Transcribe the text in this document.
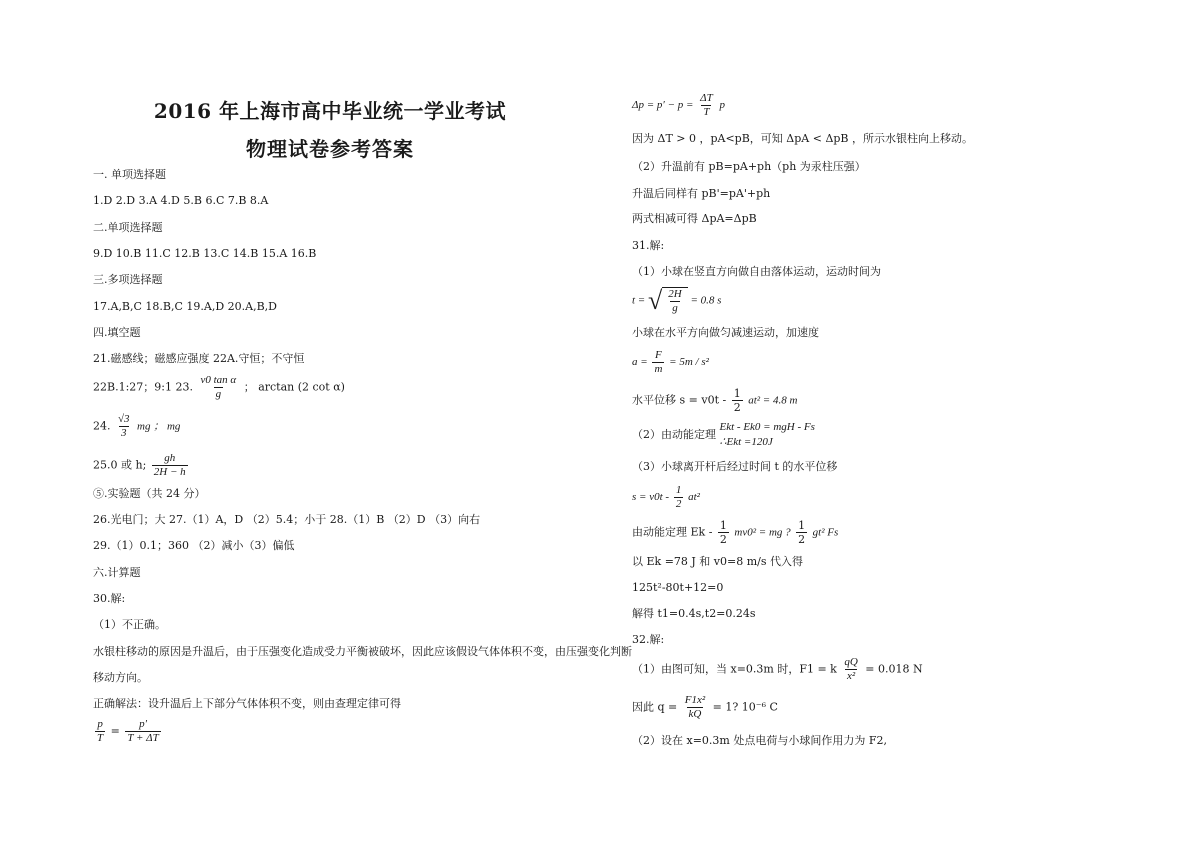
2016 年上海市高中毕业统一学业考试
物理试卷参考答案
一. 单项选择题
1.D 2.D 3.A 4.D 5.B 6.C 7.B 8.A
二.单项选择题
9.D 10.B 11.C 12.B 13.C 14.B 15.A 16.B
三.多项选择题
17.A,B,C 18.B,C 19.A,D 20.A,B,D
四.填空题
21.磁感线；磁感应强度 22A.守恒；不守恒
22B.1:27；9:1 23. $\frac{\text{v0 tan α}}{g}$ ； arctan (2 cot α)
24. $\frac{√3}{3}$ mg ； mg
25.0 或 h; $\frac{gh}{2H - h}$
⑤.实验题（共 24 分）
26.光电门；大 27.（1）A，D （2）5.4；小于 28.（1）B （2）D （3）向右
29.（1）0.1；360 （2）减小（3）偏低
六.计算题
30.解:
（1）不正确。
水银柱移动的原因是升温后，由于压强变化造成受力平衡被破坏，因此应该假设气体体积不变，由压强变化判断
移动方向。
正确解法：设升温后上下部分气体体积不变，则由查理定律可得
$\frac{p}{T} = \frac{p'}{T + \Delta T}$
$\Delta p = p' - p = \frac{\Delta T}{T}$ p
因为 ΔT > 0 ，pA<pB，可知 ΔpA < ΔpB ，所示水银柱向上移动。
（2）升温前有 pB=pA+ph（ph 为汞柱压强）
升温后同样有 pB'=pA'+ph
两式相减可得 ΔpA=ΔpB
31.解:
（1）小球在竖直方向做自由落体运动，运动时间为
t = √ $\frac{2H}{g} = 0.8$ s
小球在水平方向做匀减速运动，加速度
$a = \frac{F}{m} = 5m / s^2$
水平位移 $s = v0t - \frac{1}{2} at^2 = 4.8$ m
（2）由动能定理
Ekt - Ek0 = mgH - Fs
∴Ekt =120J
（3）小球离开杆后经过时间 t 的水平位移
$s = v0t - \frac{1}{2} at^2$
由动能定理 Ek - $\frac{1}{2} mv0^2$ = mg ? $\frac{1}{2} gt^2$ Fs
以 Ek =78 J 和 v0=8 m/s 代入得
125t²-80t+12=0
解得 t1=0.4s,t2=0.24s
32.解:
（1）由图可知，当 x=0.3m 时，F1 = k $\frac{qQ}{\text{x²}} = 0.018$ N
因此 $q = \frac{\text{F1x²}}{kQ} = 1$? 10⁻⁶ C
（2）设在 x=0.3m 处点电荷与小球间作用力为 F2,
